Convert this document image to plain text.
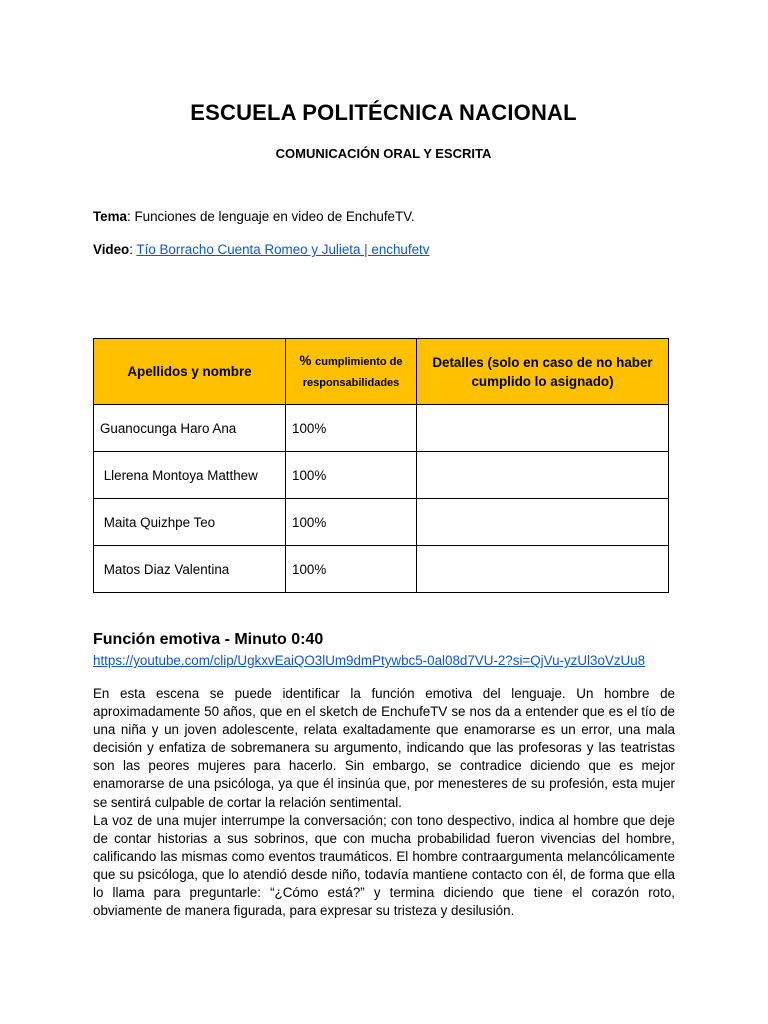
ESCUELA POLITÉCNICA NACIONAL
COMUNICACIÓN ORAL Y ESCRITA
Tema: Funciones de lenguaje en video de EnchufeTV.
Video: Tío Borracho Cuenta Romeo y Julieta | enchufetv
Apellidos y nombre	% cumplimiento de responsabilidades	Detalles (solo en caso de no haber cumplido lo asignado)
Guanocunga Haro Ana	100%	
Llerena Montoya Matthew	100%	
Maita Quizhpe Teo	100%	
Matos Diaz Valentina	100%	
Función emotiva - Minuto 0:40
https://youtube.com/clip/UgkxvEaiQO3lUm9dmPtywbc5-0al08d7VU-2?si=QjVu-yzUl3oVzUu8

En esta escena se puede identificar la función emotiva del lenguaje. Un hombre de aproximadamente 50 años, que en el sketch de EnchufeTV se nos da a entender que es el tío de una niña y un joven adolescente, relata exaltadamente que enamorarse es un error, una mala decisión y enfatiza de sobremanera su argumento, indicando que las profesoras y las teatristas son las peores mujeres para hacerlo. Sin embargo, se contradice diciendo que es mejor enamorarse de una psicóloga, ya que él insinúa que, por menesteres de su profesión, esta mujer se sentirá culpable de cortar la relación sentimental.

La voz de una mujer interrumpe la conversación; con tono despectivo, indica al hombre que deje de contar historias a sus sobrinos, que con mucha probabilidad fueron vivencias del hombre, calificando las mismas como eventos traumáticos. El hombre contraargumenta melancólicamente que su psicóloga, que lo atendió desde niño, todavía mantiene contacto con él, de forma que ella lo llama para preguntarle: “¿Cómo está?” y termina diciendo que tiene el corazón roto, obviamente de manera figurada, para expresar su tristeza y desilusión.
